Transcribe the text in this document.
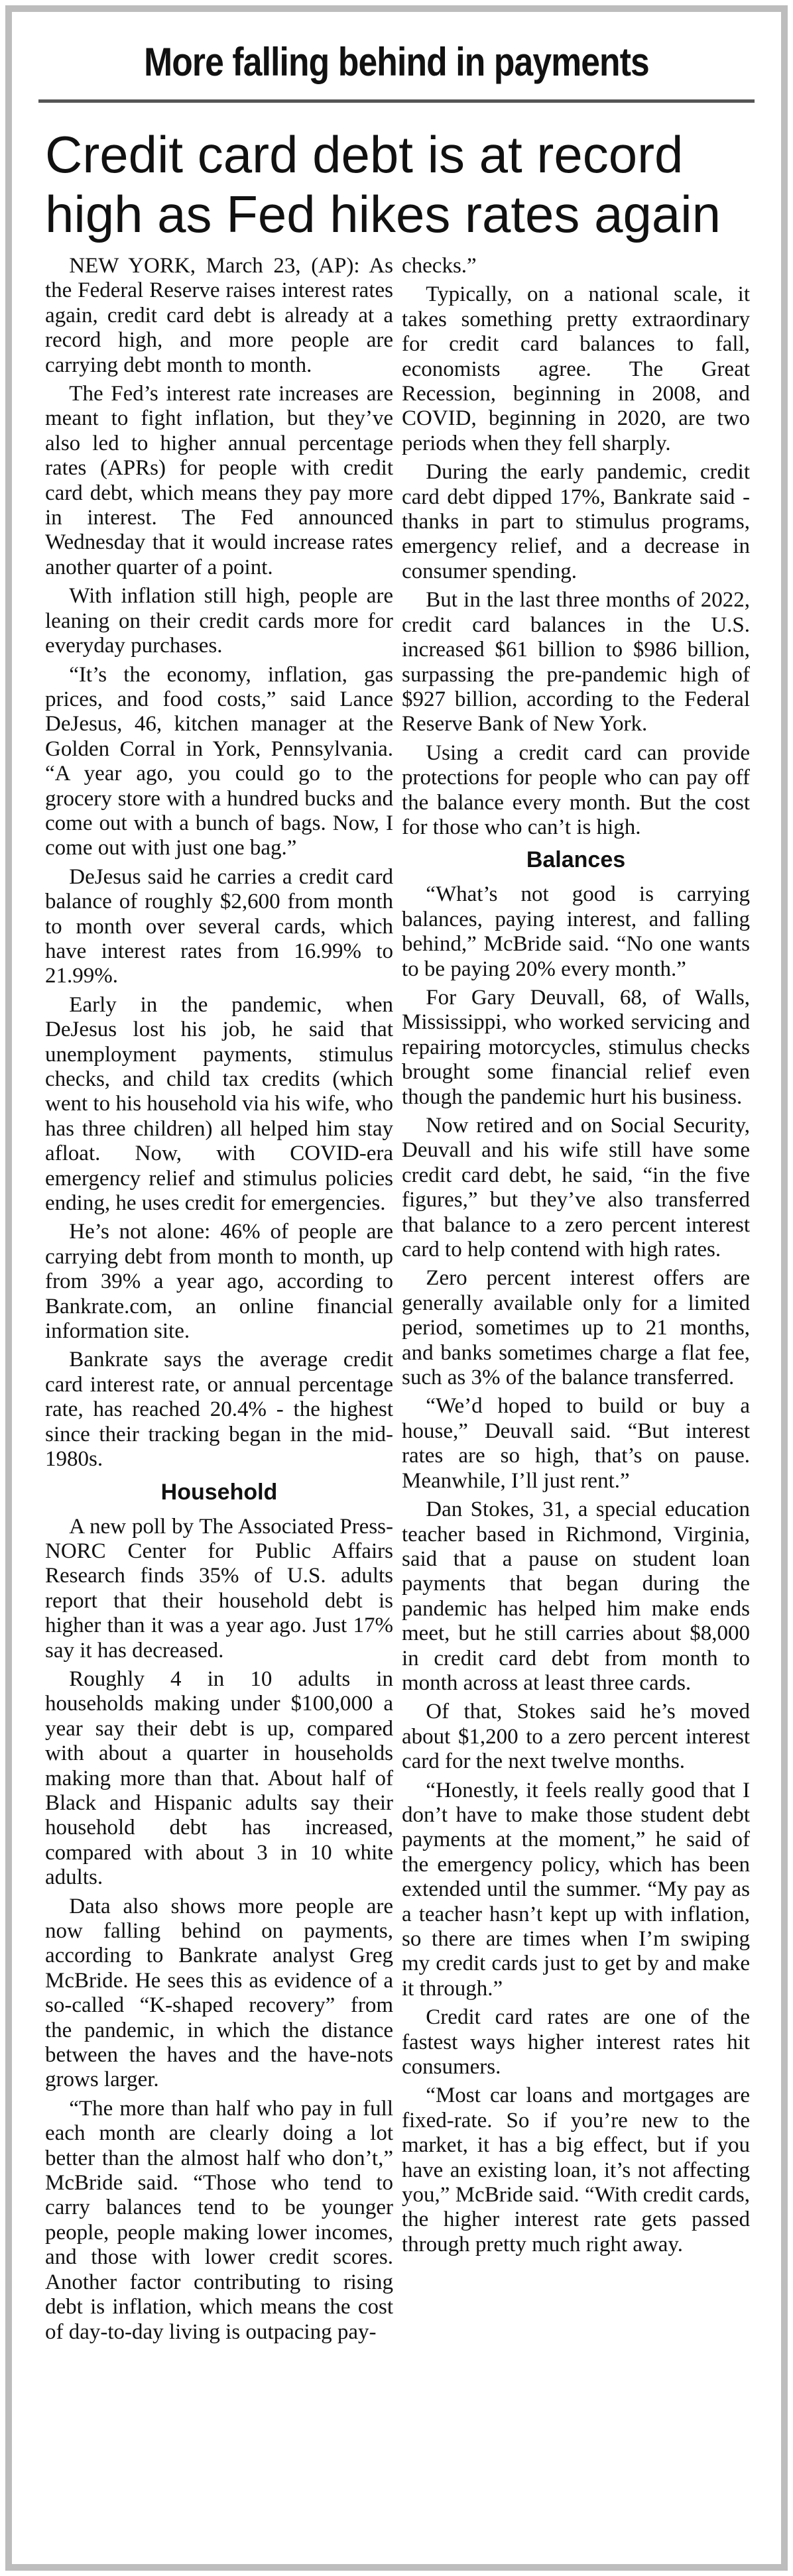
More falling behind in payments
Credit card debt is at record
high as Fed hikes rates again

NEW YORK, March 23, (AP): As the Federal Reserve raises interest rates again, credit card debt is already at a record high, and more people are carrying debt month to month.

The Fed’s interest rate increases are meant to fight inflation, but they’ve also led to higher annual percentage rates (APRs) for people with credit card debt, which means they pay more in interest. The Fed announced Wednesday that it would increase rates another quarter of a point.

With inflation still high, people are leaning on their credit cards more for everyday purchases.

“It’s the economy, inflation, gas prices, and food costs,” said Lance DeJesus, 46, kitchen manager at the Golden Corral in York, Pennsylvania. “A year ago, you could go to the grocery store with a hundred bucks and come out with a bunch of bags. Now, I come out with just one bag.”

DeJesus said he carries a credit card balance of roughly $2,600 from month to month over several cards, which have interest rates from 16.99% to 21.99%.

Early in the pandemic, when DeJesus lost his job, he said that unemployment payments, stimulus checks, and child tax credits (which went to his household via his wife, who has three children) all helped him stay afloat. Now, with COVID-era emergency relief and stimulus policies ending, he uses credit for emergencies.

He’s not alone: 46% of people are carrying debt from month to month, up from 39% a year ago, according to Bankrate.com, an online financial information site.

Bankrate says the average credit card interest rate, or annual percentage rate, has reached 20.4% - the highest since their tracking began in the mid-1980s.

Household

A new poll by The Associated Press-NORC Center for Public Affairs Research finds 35% of U.S. adults report that their household debt is higher than it was a year ago. Just 17% say it has decreased.

Roughly 4 in 10 adults in households making under $100,000 a year say their debt is up, compared with about a quarter in households making more than that. About half of Black and Hispanic adults say their household debt has increased, compared with about 3 in 10 white adults.

Data also shows more people are now falling behind on payments, according to Bankrate analyst Greg McBride. He sees this as evidence of a so-called “K-shaped recovery” from the pandemic, in which the distance between the haves and the have-nots grows larger.

“The more than half who pay in full each month are clearly doing a lot better than the almost half who don’t,” McBride said. “Those who tend to carry balances tend to be younger people, people making lower incomes, and those with lower credit scores. Another factor contributing to rising debt is inflation, which means the cost of day-to-day living is outpacing pay-

checks.”

Typically, on a national scale, it takes something pretty extraordinary for credit card balances to fall, economists agree. The Great Recession, beginning in 2008, and COVID, beginning in 2020, are two periods when they fell sharply.

During the early pandemic, credit card debt dipped 17%, Bankrate said - thanks in part to stimulus programs, emergency relief, and a decrease in consumer spending.

But in the last three months of 2022, credit card balances in the U.S. increased $61 billion to $986 billion, surpassing the pre-pandemic high of $927 billion, according to the Federal Reserve Bank of New York.

Using a credit card can provide protections for people who can pay off the balance every month. But the cost for those who can’t is high.

Balances

“What’s not good is carrying balances, paying interest, and falling behind,” McBride said. “No one wants to be paying 20% every month.”

For Gary Deuvall, 68, of Walls, Mississippi, who worked servicing and repairing motorcycles, stimulus checks brought some financial relief even though the pandemic hurt his business.

Now retired and on Social Security, Deuvall and his wife still have some credit card debt, he said, “in the five figures,” but they’ve also transferred that balance to a zero percent interest card to help contend with high rates.

Zero percent interest offers are generally available only for a limited period, sometimes up to 21 months, and banks sometimes charge a flat fee, such as 3% of the balance transferred.

“We’d hoped to build or buy a house,” Deuvall said. “But interest rates are so high, that’s on pause. Meanwhile, I’ll just rent.”

Dan Stokes, 31, a special education teacher based in Richmond, Virginia, said that a pause on student loan payments that began during the pandemic has helped him make ends meet, but he still carries about $8,000 in credit card debt from month to month across at least three cards.

Of that, Stokes said he’s moved about $1,200 to a zero percent interest card for the next twelve months.

“Honestly, it feels really good that I don’t have to make those student debt payments at the moment,” he said of the emergency policy, which has been extended until the summer. “My pay as a teacher hasn’t kept up with inflation, so there are times when I’m swiping my credit cards just to get by and make it through.”

Credit card rates are one of the fastest ways higher interest rates hit consumers.

“Most car loans and mortgages are fixed-rate. So if you’re new to the market, it has a big effect, but if you have an existing loan, it’s not affecting you,” McBride said. “With credit cards, the higher interest rate gets passed through pretty much right away.
